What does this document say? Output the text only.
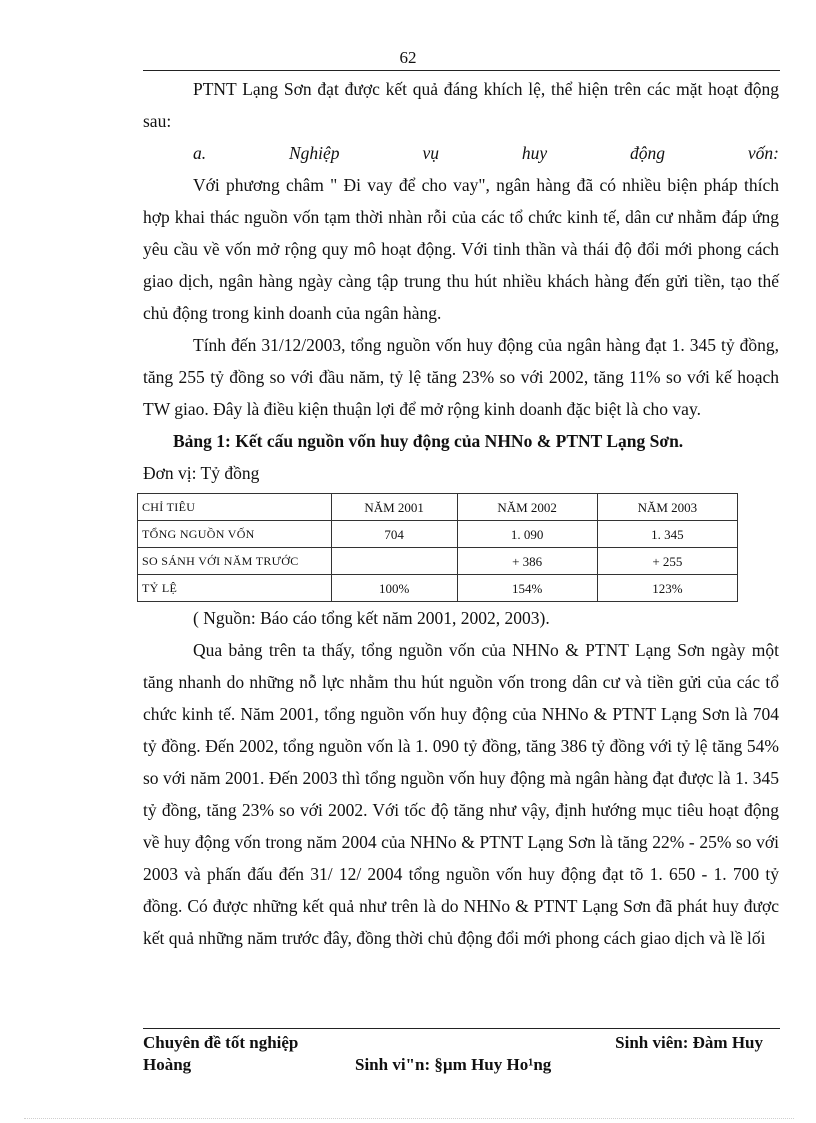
62

PTNT Lạng Sơn đạt được kết quả đáng khích lệ, thể hiện trên các mặt hoạt động sau:

a.	Nghiệp	vụ	huy	động	vốn:

Với phương châm " Đi vay để cho vay", ngân hàng đã có nhiều biện pháp thích hợp khai thác nguồn vốn tạm thời nhàn rỗi của các tổ chức kinh tế, dân cư nhằm đáp ứng yêu cầu về vốn mở rộng quy mô hoạt động. Với tinh thần và thái độ đổi mới phong cách giao dịch, ngân hàng ngày càng tập trung thu hút nhiều khách hàng đến gửi tiền, tạo thế chủ động trong kinh doanh của ngân hàng.

Tính đến 31/12/2003, tổng nguồn vốn huy động của ngân hàng đạt 1. 345 tỷ đồng, tăng 255 tỷ đồng so với đầu năm, tỷ lệ tăng 23% so với 2002, tăng 11% so với kế hoạch TW giao. Đây là điều kiện thuận lợi để mở rộng kinh doanh đặc biệt là cho vay.

Bảng 1: Kết cấu nguồn vốn huy động của NHNo & PTNT Lạng Sơn.

Đơn vị: Tỷ đồng

CHỈ TIÊU	NĂM 2001	NĂM 2002	NĂM 2003
TỔNG NGUỒN VỐN	704	1. 090	1. 345
SO SÁNH VỚI NĂM TRƯỚC		+ 386	+ 255
TỶ LỆ	100%	154%	123%

( Nguồn: Báo cáo tổng kết năm 2001, 2002, 2003).

Qua bảng trên ta thấy, tổng nguồn vốn của NHNo & PTNT Lạng Sơn ngày một tăng nhanh do những nỗ lực nhằm thu hút nguồn vốn trong dân cư và tiền gửi của các tổ chức kinh tế. Năm 2001, tổng nguồn vốn huy động của NHNo & PTNT Lạng Sơn là 704 tỷ đồng. Đến 2002, tổng nguồn vốn là 1. 090 tỷ đồng, tăng 386 tỷ đồng với tỷ lệ tăng 54% so với năm 2001. Đến 2003 thì tổng nguồn vốn huy động mà ngân hàng đạt được là 1. 345 tỷ đồng, tăng 23% so với 2002. Với tốc độ tăng như vậy, định hướng mục tiêu hoạt động về huy động vốn trong năm 2004 của NHNo & PTNT Lạng Sơn là tăng 22% - 25% so với 2003 và phấn đấu đến 31/ 12/ 2004 tổng nguồn vốn huy động đạt tõ 1. 650 - 1. 700 tỷ đồng. Có được những kết quả như trên là do NHNo & PTNT Lạng Sơn đã phát huy được kết quả những năm trước đây, đồng thời chủ động đổi mới phong cách giao dịch và lề lối

Chuyên đề tốt nghiệp	Sinh viên: Đàm Huy
Hoàng	Sinh vi"n: §µm Huy Ho¹ng
